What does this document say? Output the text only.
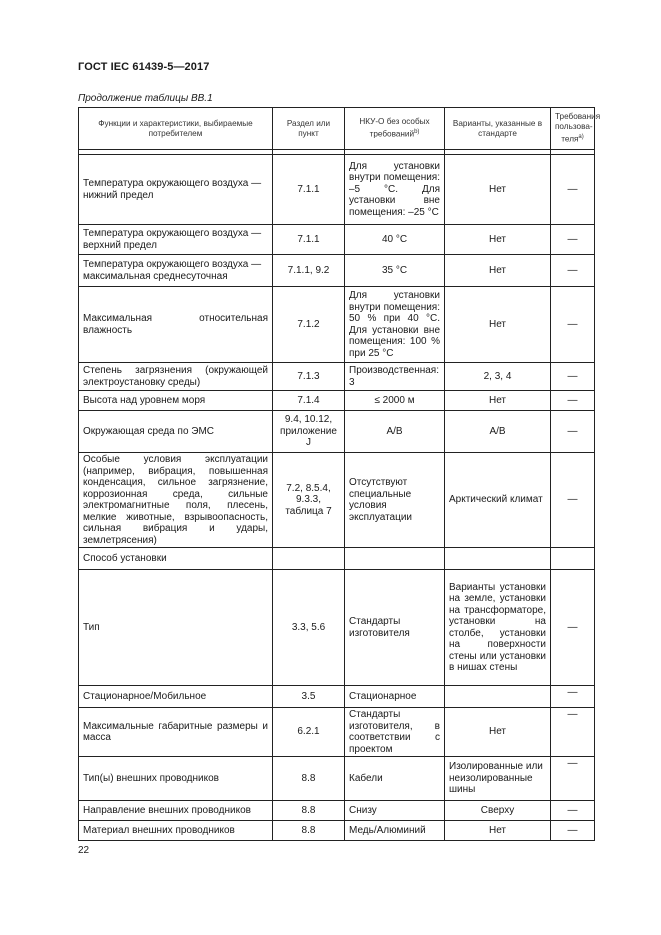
ГОСТ IEC 61439-5—2017
Продолжение таблицы ВВ.1
Функции и характеристики, выбираемые потребителем	Раздел или пункт	НКУ-О без особых требований$^{b)}$	Варианты, указанные в стандарте	Требования пользова-теля$^{a)}$

Температура окружающего воздуха — нижний предел	7.1.1	Для установки внутри помещения: –5 °С. Для установки вне помещения: –25 °С	Нет	—
Температура окружающего воздуха — верхний предел	7.1.1	40 °С	Нет	—
Температура окружающего воздуха — максимальная среднесуточная	7.1.1, 9.2	35 °С	Нет	—
Максимальная относительная влажность	7.1.2	Для установки внутри помещения: 50 % при 40 °С. Для установки вне помещения: 100 % при 25 °С	Нет	—
Степень загрязнения (окружающей электроустановку среды)	7.1.3	Производственная: 3	2, 3, 4	—
Высота над уровнем моря	7.1.4	≤ 2000 м	Нет	—
Окружающая среда по ЭМС	9.4, 10.12, приложение J	А/В	А/В	—
Особые условия эксплуатации (например, вибрация, повышенная конденсация, сильное загрязнение, коррозионная среда, сильные электромагнитные поля, плесень, мелкие животные, взрывоопасность, сильная вибрация и удары, землетрясения)	7.2, 8.5.4, 9.3.3, таблица 7	Отсутствуют специальные условия эксплуатации	Арктический климат	—
Способ установки				
Тип	3.3, 5.6	Стандарты изготовителя	Варианты установки на земле, установки на трансформаторе, установки на столбе, установки на поверхности стены или установки в нишах стены	—
Стационарное/Мобильное	3.5	Стационарное		—
Максимальные габаритные размеры и масса	6.2.1	Стандарты изготовителя, в соответствии с проектом	Нет	—
Тип(ы) внешних проводников	8.8	Кабели	Изолированные или неизолированные шины	—
Направление внешних проводников	8.8	Снизу	Сверху	—
Материал внешних проводников	8.8	Медь/Алюминий	Нет	—
22
